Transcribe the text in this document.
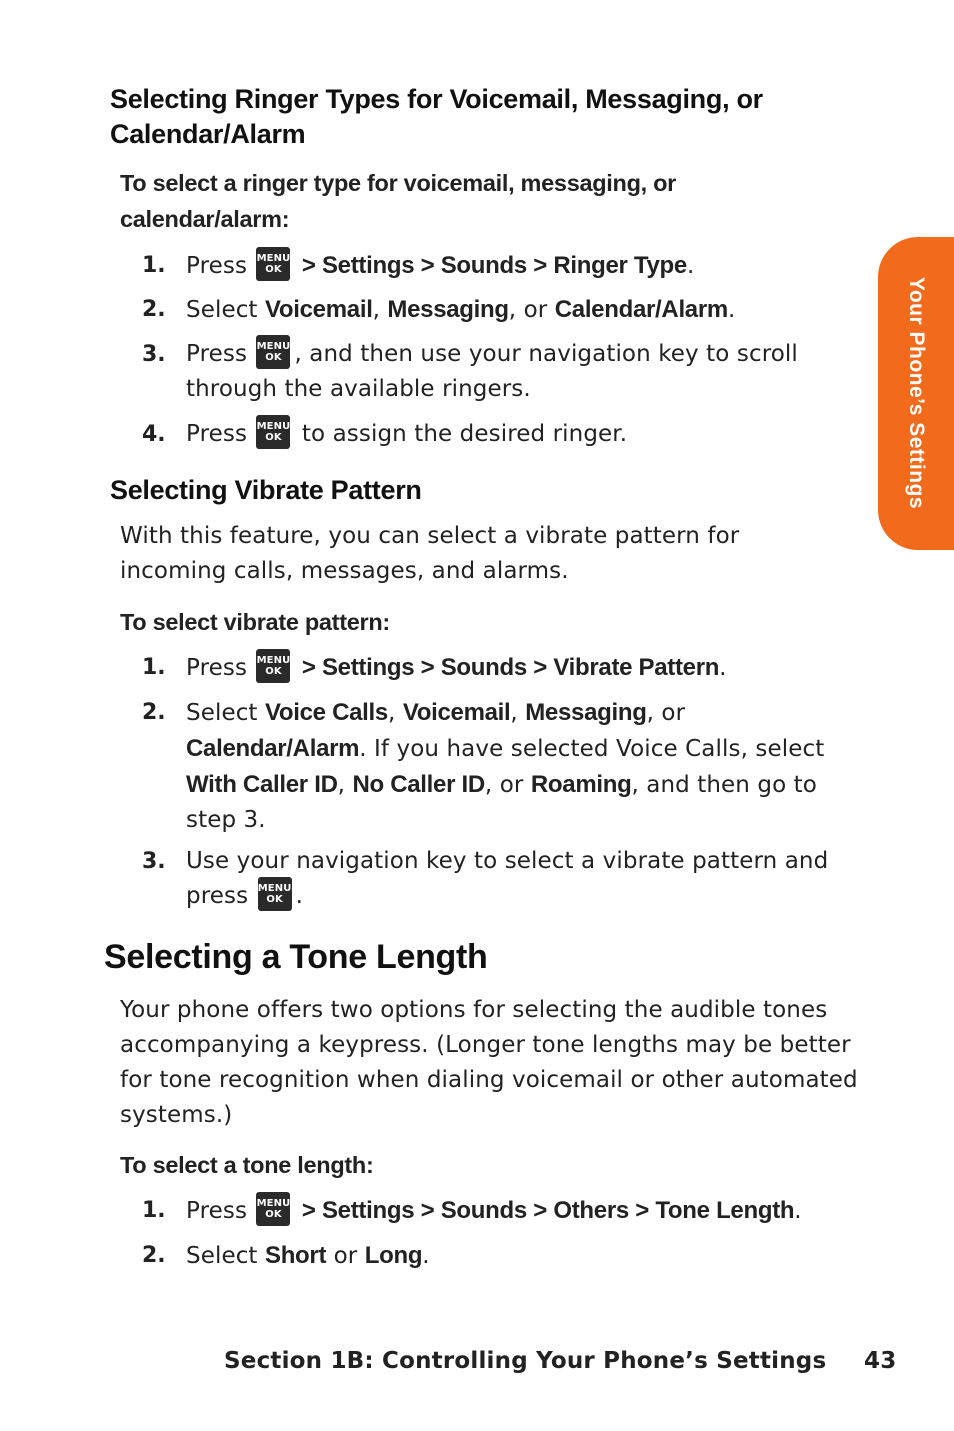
Your Phone’s Settings
Selecting Ringer Types for Voicemail, Messaging, or Calendar/Alarm
To select a ringer type for voicemail, messaging, or calendar/alarm:
1. Press MENU
OK > Settings > Sounds > Ringer Type.
2. Select Voicemail, Messaging, or Calendar/Alarm.
3. Press MENU
OK , and then use your navigation key to scroll through the available ringers.
4. Press MENU
OK to assign the desired ringer.
Selecting Vibrate Pattern
With this feature, you can select a vibrate pattern for incoming calls, messages, and alarms.
To select vibrate pattern:
1. Press MENU
OK > Settings > Sounds > Vibrate Pattern.
2. Select Voice Calls, Voicemail, Messaging, or Calendar/Alarm. If you have selected Voice Calls, select With Caller ID, No Caller ID, or Roaming, and then go to step 3.
3. Use your navigation key to select a vibrate pattern and press MENU
OK .
Selecting a Tone Length
Your phone offers two options for selecting the audible tones accompanying a keypress. (Longer tone lengths may be better for tone recognition when dialing voicemail or other automated systems.)
To select a tone length:
1. Press MENU
OK > Settings > Sounds > Others > Tone Length.
2. Select Short or Long.
Section 1B: Controlling Your Phone’s Settings 43
